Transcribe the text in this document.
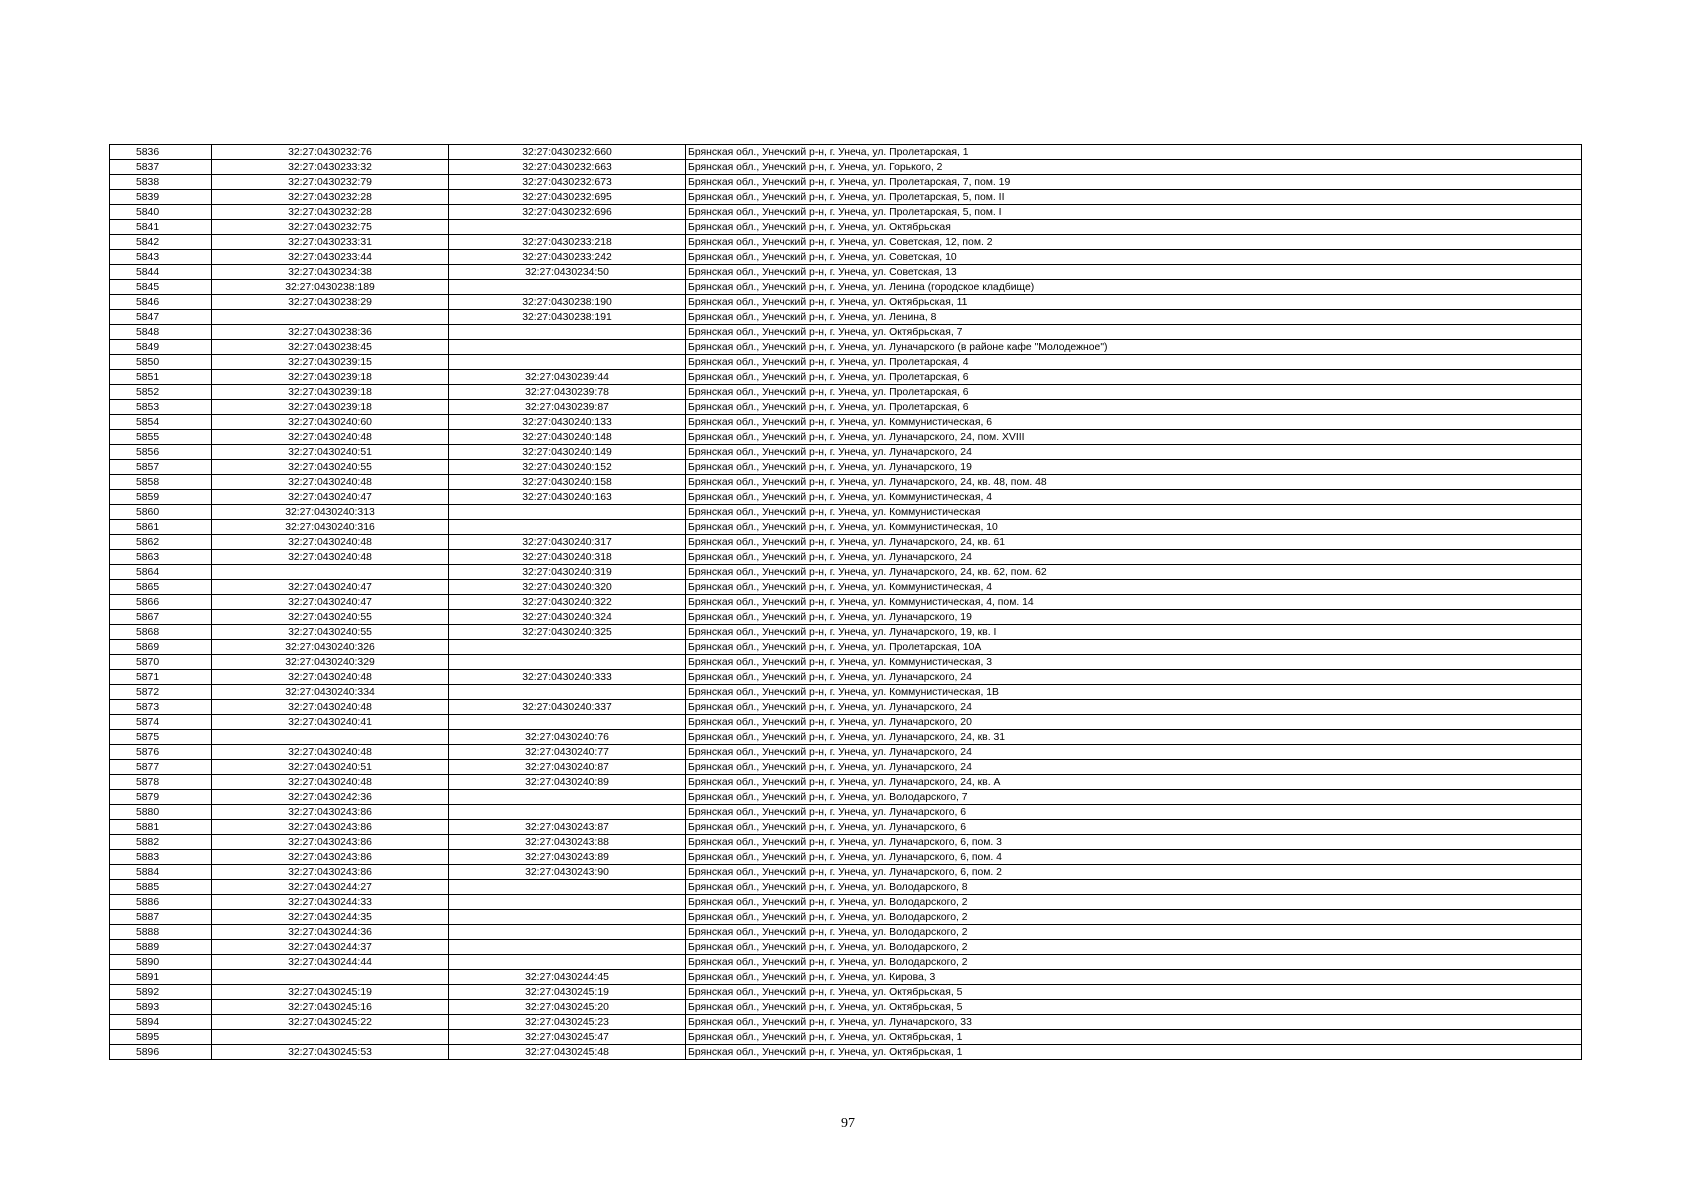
5836	32:27:0430232:76	32:27:0430232:660	Брянская обл., Унечский р-н, г. Унеча, ул. Пролетарская, 1
5837	32:27:0430233:32	32:27:0430232:663	Брянская обл., Унечский р-н, г. Унеча, ул. Горького, 2
5838	32:27:0430232:79	32:27:0430232:673	Брянская обл., Унечский р-н, г. Унеча, ул. Пролетарская, 7, пом. 19
5839	32:27:0430232:28	32:27:0430232:695	Брянская обл., Унечский р-н, г. Унеча, ул. Пролетарская, 5, пом. II
5840	32:27:0430232:28	32:27:0430232:696	Брянская обл., Унечский р-н, г. Унеча, ул. Пролетарская, 5, пом. I
5841	32:27:0430232:75		Брянская обл., Унечский р-н, г. Унеча, ул. Октябрьская
5842	32:27:0430233:31	32:27:0430233:218	Брянская обл., Унечский р-н, г. Унеча, ул. Советская, 12, пом. 2
5843	32:27:0430233:44	32:27:0430233:242	Брянская обл., Унечский р-н, г. Унеча, ул. Советская, 10
5844	32:27:0430234:38	32:27:0430234:50	Брянская обл., Унечский р-н, г. Унеча, ул. Советская, 13
5845	32:27:0430238:189		Брянская обл., Унечский р-н, г. Унеча, ул. Ленина (городское кладбище)
5846	32:27:0430238:29	32:27:0430238:190	Брянская обл., Унечский р-н, г. Унеча, ул. Октябрьская, 11
5847		32:27:0430238:191	Брянская обл., Унечский р-н, г. Унеча, ул. Ленина, 8
5848	32:27:0430238:36		Брянская обл., Унечский р-н, г. Унеча, ул. Октябрьская, 7
5849	32:27:0430238:45		Брянская обл., Унечский р-н, г. Унеча, ул. Луначарского (в районе кафе "Молодежное")
5850	32:27:0430239:15		Брянская обл., Унечский р-н, г. Унеча, ул. Пролетарская, 4
5851	32:27:0430239:18	32:27:0430239:44	Брянская обл., Унечский р-н, г. Унеча, ул. Пролетарская, 6
5852	32:27:0430239:18	32:27:0430239:78	Брянская обл., Унечский р-н, г. Унеча, ул. Пролетарская, 6
5853	32:27:0430239:18	32:27:0430239:87	Брянская обл., Унечский р-н, г. Унеча, ул. Пролетарская, 6
5854	32:27:0430240:60	32:27:0430240:133	Брянская обл., Унечский р-н, г. Унеча, ул. Коммунистическая, 6
5855	32:27:0430240:48	32:27:0430240:148	Брянская обл., Унечский р-н, г. Унеча, ул. Луначарского, 24, пом. XVIII
5856	32:27:0430240:51	32:27:0430240:149	Брянская обл., Унечский р-н, г. Унеча, ул. Луначарского, 24
5857	32:27:0430240:55	32:27:0430240:152	Брянская обл., Унечский р-н, г. Унеча, ул. Луначарского, 19
5858	32:27:0430240:48	32:27:0430240:158	Брянская обл., Унечский р-н, г. Унеча, ул. Луначарского, 24, кв. 48, пом. 48
5859	32:27:0430240:47	32:27:0430240:163	Брянская обл., Унечский р-н, г. Унеча, ул. Коммунистическая, 4
5860	32:27:0430240:313		Брянская обл., Унечский р-н, г. Унеча, ул. Коммунистическая
5861	32:27:0430240:316		Брянская обл., Унечский р-н, г. Унеча, ул. Коммунистическая, 10
5862	32:27:0430240:48	32:27:0430240:317	Брянская обл., Унечский р-н, г. Унеча, ул. Луначарского, 24, кв. 61
5863	32:27:0430240:48	32:27:0430240:318	Брянская обл., Унечский р-н, г. Унеча, ул. Луначарского, 24
5864		32:27:0430240:319	Брянская обл., Унечский р-н, г. Унеча, ул. Луначарского, 24, кв. 62, пом. 62
5865	32:27:0430240:47	32:27:0430240:320	Брянская обл., Унечский р-н, г. Унеча, ул. Коммунистическая, 4
5866	32:27:0430240:47	32:27:0430240:322	Брянская обл., Унечский р-н, г. Унеча, ул. Коммунистическая, 4, пом. 14
5867	32:27:0430240:55	32:27:0430240:324	Брянская обл., Унечский р-н, г. Унеча, ул. Луначарского, 19
5868	32:27:0430240:55	32:27:0430240:325	Брянская обл., Унечский р-н, г. Унеча, ул. Луначарского, 19, кв. I
5869	32:27:0430240:326		Брянская обл., Унечский р-н, г. Унеча, ул. Пролетарская, 10А
5870	32:27:0430240:329		Брянская обл., Унечский р-н, г. Унеча, ул. Коммунистическая, 3
5871	32:27:0430240:48	32:27:0430240:333	Брянская обл., Унечский р-н, г. Унеча, ул. Луначарского, 24
5872	32:27:0430240:334		Брянская обл., Унечский р-н, г. Унеча, ул. Коммунистическая, 1В
5873	32:27:0430240:48	32:27:0430240:337	Брянская обл., Унечский р-н, г. Унеча, ул. Луначарского, 24
5874	32:27:0430240:41		Брянская обл., Унечский р-н, г. Унеча, ул. Луначарского, 20
5875		32:27:0430240:76	Брянская обл., Унечский р-н, г. Унеча, ул. Луначарского, 24, кв. 31
5876	32:27:0430240:48	32:27:0430240:77	Брянская обл., Унечский р-н, г. Унеча, ул. Луначарского, 24
5877	32:27:0430240:51	32:27:0430240:87	Брянская обл., Унечский р-н, г. Унеча, ул. Луначарского, 24
5878	32:27:0430240:48	32:27:0430240:89	Брянская обл., Унечский р-н, г. Унеча, ул. Луначарского, 24, кв. А
5879	32:27:0430242:36		Брянская обл., Унечский р-н, г. Унеча, ул. Володарского, 7
5880	32:27:0430243:86		Брянская обл., Унечский р-н, г. Унеча, ул. Луначарского, 6
5881	32:27:0430243:86	32:27:0430243:87	Брянская обл., Унечский р-н, г. Унеча, ул. Луначарского, 6
5882	32:27:0430243:86	32:27:0430243:88	Брянская обл., Унечский р-н, г. Унеча, ул. Луначарского, 6, пом. 3
5883	32:27:0430243:86	32:27:0430243:89	Брянская обл., Унечский р-н, г. Унеча, ул. Луначарского, 6, пом. 4
5884	32:27:0430243:86	32:27:0430243:90	Брянская обл., Унечский р-н, г. Унеча, ул. Луначарского, 6, пом. 2
5885	32:27:0430244:27		Брянская обл., Унечский р-н, г. Унеча, ул. Володарского, 8
5886	32:27:0430244:33		Брянская обл., Унечский р-н, г. Унеча, ул. Володарского, 2
5887	32:27:0430244:35		Брянская обл., Унечский р-н, г. Унеча, ул. Володарского, 2
5888	32:27:0430244:36		Брянская обл., Унечский р-н, г. Унеча, ул. Володарского, 2
5889	32:27:0430244:37		Брянская обл., Унечский р-н, г. Унеча, ул. Володарского, 2
5890	32:27:0430244:44		Брянская обл., Унечский р-н, г. Унеча, ул. Володарского, 2
5891		32:27:0430244:45	Брянская обл., Унечский р-н, г. Унеча, ул. Кирова, 3
5892	32:27:0430245:19	32:27:0430245:19	Брянская обл., Унечский р-н, г. Унеча, ул. Октябрьская, 5
5893	32:27:0430245:16	32:27:0430245:20	Брянская обл., Унечский р-н, г. Унеча, ул. Октябрьская, 5
5894	32:27:0430245:22	32:27:0430245:23	Брянская обл., Унечский р-н, г. Унеча, ул. Луначарского, 33
5895		32:27:0430245:47	Брянская обл., Унечский р-н, г. Унеча, ул. Октябрьская, 1
5896	32:27:0430245:53	32:27:0430245:48	Брянская обл., Унечский р-н, г. Унеча, ул. Октябрьская, 1
97
